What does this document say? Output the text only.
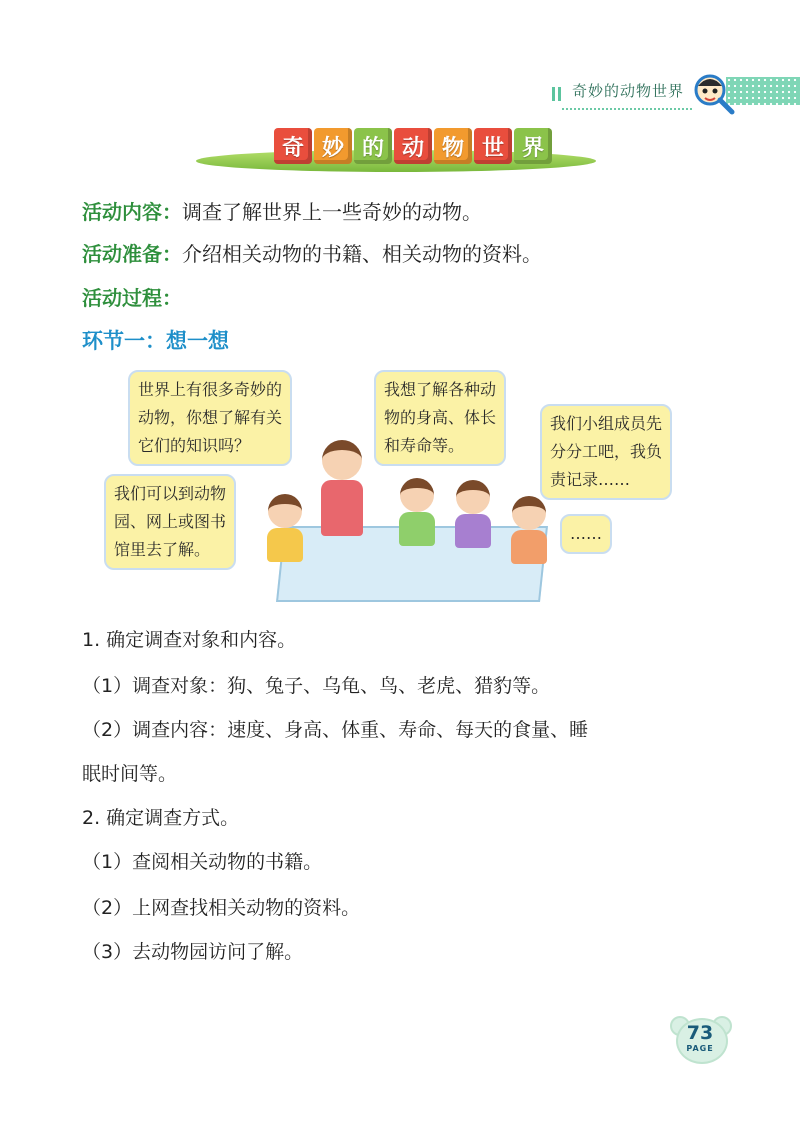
奇妙的动物世界
奇 妙 的 动 物 世 界
活动内容：调查了解世界上一些奇妙的动物。
活动准备：介绍相关动物的书籍、相关动物的资料。
活动过程：
环节一：想一想
世界上有很多奇妙的
动物，你想了解有关
它们的知识吗？
我想了解各种动
物的身高、体长
和寿命等。
我们小组成员先
分分工吧，我负
责记录……
我们可以到动物
园、网上或图书
馆里去了解。
……
1. 确定调查对象和内容。
（1）调查对象：狗、兔子、乌龟、鸟、老虎、猎豹等。
（2）调查内容：速度、身高、体重、寿命、每天的食量、睡
眠时间等。
2. 确定调查方式。
（1）查阅相关动物的书籍。
（2）上网查找相关动物的资料。
（3）去动物园访问了解。
73
PAGE
